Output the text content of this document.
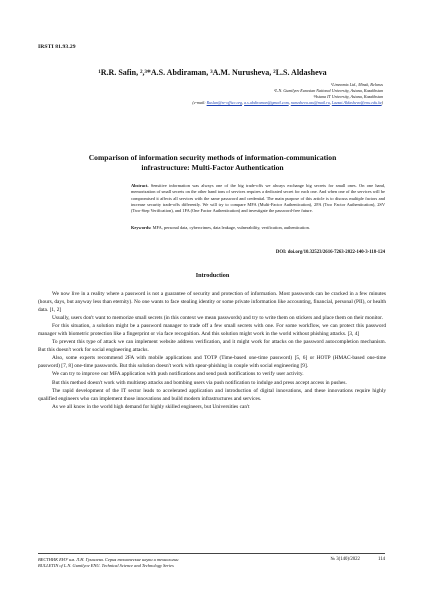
IRSTI 81.93.29
¹R.R. Safin, ²,³*A.S. Abdiraman, ³A.M. Nurusheva, ²L.S. Aldasheva
¹Limnomix Ltd., Minsk, Belarus
²L.N. Gumilyov Eurasian National University, Astana, Kazakhstan
³Astana IT University, Astana, Kazakhstan
(e-mail: Ruslan@re-office.org, a.s.abdiraman@gmail.com, nurusheva.ass@mail.ru, Lazzat.Aldasheva@enu.edu.kz)
Comparison of information security methods of information-communication
infrastructure: Multi-Factor Authentication
Abstract. Sensitive information was always one of the big trade-offs we always exchange big secrets for small ones. On one hand, memorization of small secrets on the other hand tons of services requires a dedicated secret for each one. And when one of the services will be compromised it affects all services with the same password and credential. The main purpose of this article is to discuss multiple factors and increase security trade-offs differently. We will try to compare MFA (Multi-Factor Authentication), 2FA (Two Factor Authentication), 2SV (Two-Step Verification), and 1FA (One Factor Authentication) and investigate the password-free future.
Keywords: MFA, personal data, cybercrimes, data leakage, vulnerability, verification, authentication.
DOI: doi.org/10.32523/2616-7263-2022-140-3-118-124
Introduction

We now live in a reality where a password is not a guarantee of security and protection of information. Most passwords can be cracked in a few minutes (hours, days, but anyway less than eternity). No one wants to face stealing identity or some private information like accounting, financial, personal (PII), or health data. [1, 2]

Usually, users don't want to memorize small secrets (in this context we mean passwords) and try to write them on stickers and place them on their monitor.

For this situation, a solution might be a password manager to trade off a few small secrets with one. For some workflow, we can protect this password manager with biometric protection like a fingerprint or via face recognition. And this solution might work in the world without phishing attacks. [3, 4]

To prevent this type of attack we can implement website address verification, and it might work for attacks on the password autocompletion mechanism. But this doesn't work for social engineering attacks.

Also, some experts recommend 2FA with mobile applications and TOTP (Time-based one-time password) [5, 6] or HOTP (HMAC-based one-time password) [7, 8] one-time passwords. But this solution doesn't work with spear-phishing in couple with social engineering [9].

We can try to improve our MFA application with push notifications and send push notifications to verify user activity.

But this method doesn't work with multistep attacks and bombing users via push notification to indulge and press accept access in pushes.

The rapid development of the IT sector leads to accelerated application and introduction of digital innovations, and these innovations require highly qualified engineers who can implement those innovations and build modern infrastructures and services.

As we all know in the world high demand for highly skilled engineers, but Universities can't

ВЕСТНИК ЕНУ им. Л.Н. Гумилева. Серия технические науки и технологии
BULLETIN of L.N. Gumilyov ENU. Technical Science and Technology Series
№ 3(140)/2022	114
